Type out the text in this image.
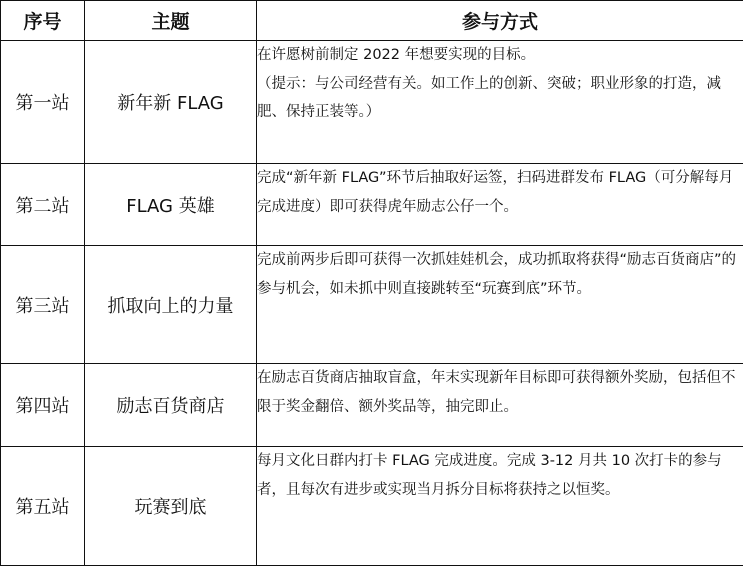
序号	主题	参与方式
第一站	新年新 FLAG	在许愿树前制定 2022 年想要实现的目标。

（提示：与公司经营有关。如工作上的创新、突破；职业形象的打造，减肥、保持正装等。）

第二站	FLAG 英雄	完成“新年新 FLAG”环节后抽取好运签，扫码进群发布 FLAG（可分解每月完成进度）即可获得虎年励志公仔一个。

第三站	抓取向上的力量	完成前两步后即可获得一次抓娃娃机会，成功抓取将获得“励志百货商店”的参与机会，如未抓中则直接跳转至“玩赛到底”环节。

第四站	励志百货商店	在励志百货商店抽取盲盒，年末实现新年目标即可获得额外奖励，包括但不限于奖金翻倍、额外奖品等，抽完即止。

第五站	玩赛到底	每月文化日群内打卡 FLAG 完成进度。完成 3-12 月共 10 次打卡的参与者，且每次有进步或实现当月拆分目标将获持之以恒奖。
